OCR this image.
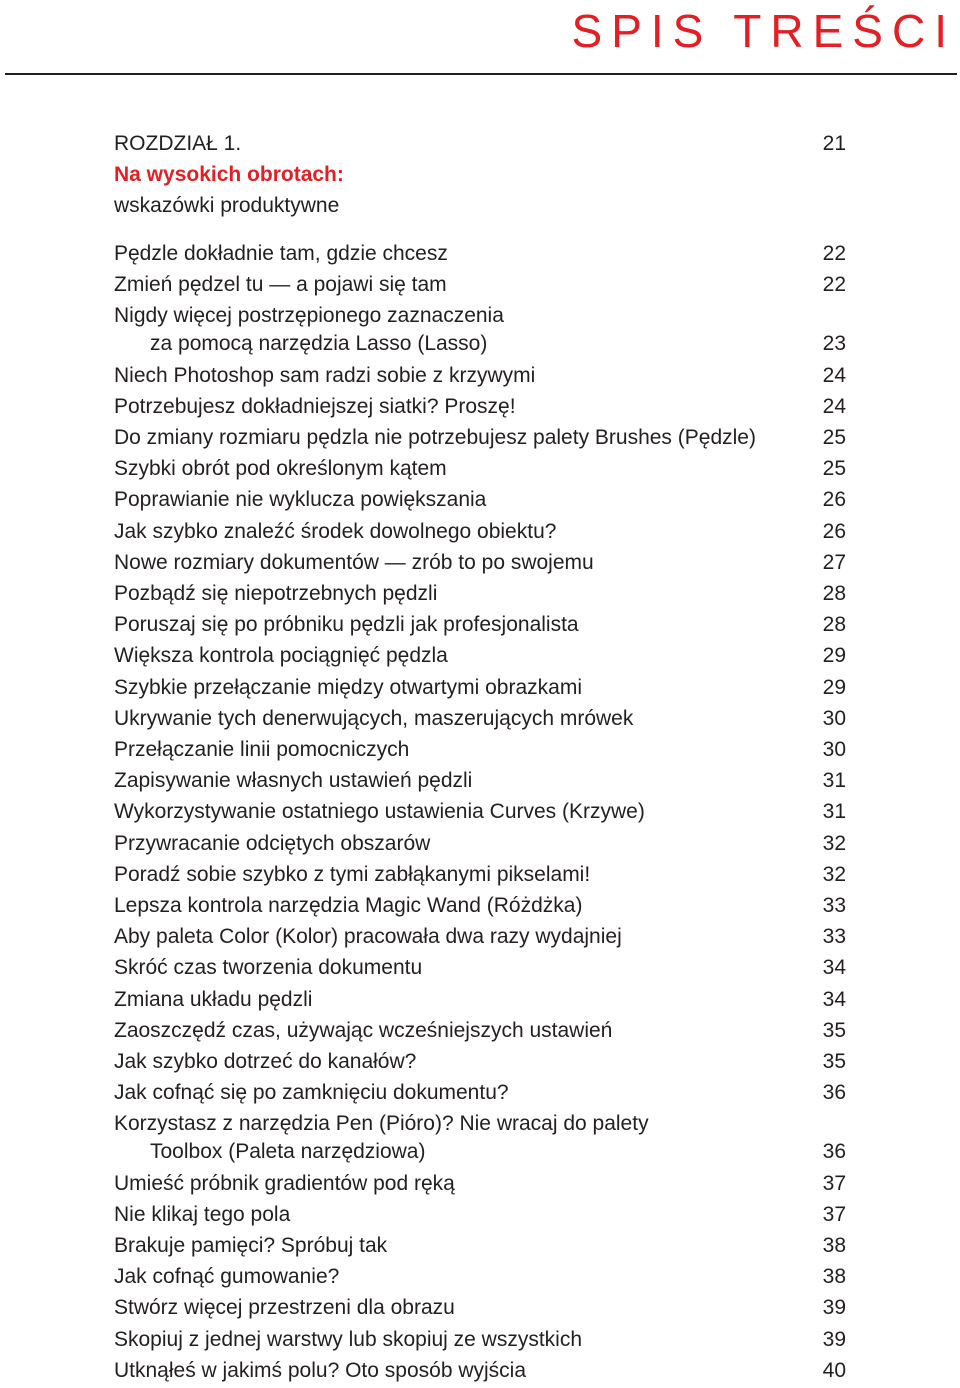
SPIS TREŚCI
ROZDZIAŁ 1.	21
Na wysokich obrotach:
wskazówki produktywne
Pędzle dokładnie tam, gdzie chcesz	22
Zmień pędzel tu — a pojawi się tam	22
Nigdy więcej postrzępionego zaznaczenia
za pomocą narzędzia Lasso (Lasso)	23
Niech Photoshop sam radzi sobie z krzywymi	24
Potrzebujesz dokładniejszej siatki? Proszę!	24
Do zmiany rozmiaru pędzla nie potrzebujesz palety Brushes (Pędzle)	25
Szybki obrót pod określonym kątem	25
Poprawianie nie wyklucza powiększania	26
Jak szybko znaleźć środek dowolnego obiektu?	26
Nowe rozmiary dokumentów — zrób to po swojemu	27
Pozbądź się niepotrzebnych pędzli	28
Poruszaj się po próbniku pędzli jak profesjonalista	28
Większa kontrola pociągnięć pędzla	29
Szybkie przełączanie między otwartymi obrazkami	29
Ukrywanie tych denerwujących, maszerujących mrówek	30
Przełączanie linii pomocniczych	30
Zapisywanie własnych ustawień pędzli	31
Wykorzystywanie ostatniego ustawienia Curves (Krzywe)	31
Przywracanie odciętych obszarów	32
Poradź sobie szybko z tymi zabłąkanymi pikselami!	32
Lepsza kontrola narzędzia Magic Wand (Różdżka)	33
Aby paleta Color (Kolor) pracowała dwa razy wydajniej	33
Skróć czas tworzenia dokumentu	34
Zmiana układu pędzli	34
Zaoszczędź czas, używając wcześniejszych ustawień	35
Jak szybko dotrzeć do kanałów?	35
Jak cofnąć się po zamknięciu dokumentu?	36
Korzystasz z narzędzia Pen (Pióro)? Nie wracaj do palety
Toolbox (Paleta narzędziowa)	36
Umieść próbnik gradientów pod ręką	37
Nie klikaj tego pola	37
Brakuje pamięci? Spróbuj tak	38
Jak cofnąć gumowanie?	38
Stwórz więcej przestrzeni dla obrazu	39
Skopiuj z jednej warstwy lub skopiuj ze wszystkich	39
Utknąłeś w jakimś polu? Oto sposób wyjścia	40
